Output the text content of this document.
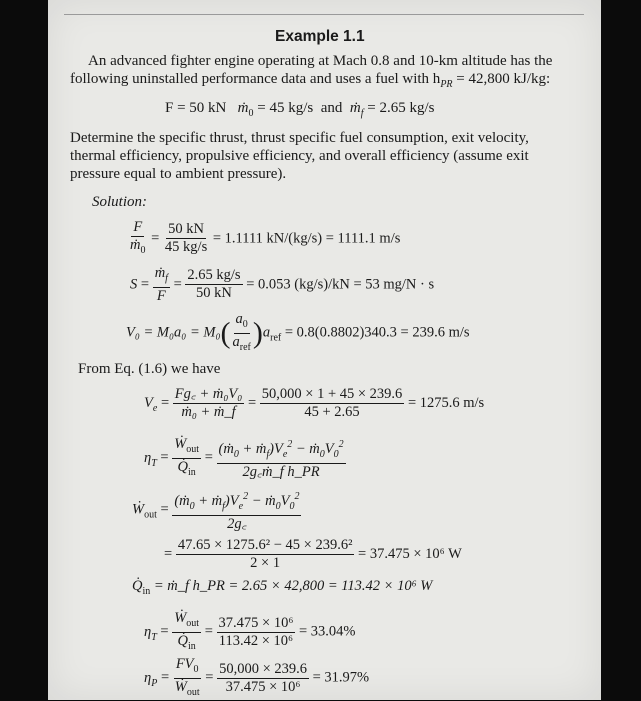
Example 1.1
An advanced fighter engine operating at Mach 0.8 and 10-km altitude has the
following uninstalled performance data and uses a fuel with $h_{PR} = 42,800$ kJ/kg:
F = 50 kN ṁ$_0$ = 45 kg/s and ṁ$_f$ = 2.65 kg/s
Determine the specific thrust, thrust specific fuel consumption, exit velocity,
thermal efficiency, propulsive efficiency, and overall efficiency (assume exit
pressure equal to ambient pressure).
Solution:
$\frac{F}{ṁ_0} = \frac{50 kN}{45 kg/s} = 1.1111$ kN/(kg/s) = 1111.1 m/s
$S = \frac{ṁ_f}{F} = \frac{2.65 kg/s}{50 kN} = 0.053$ (kg/s)/kN = 53 mg/N · s
$V_0 = M_0a_0 = M_0( \frac{a_0}{a_{ref}} )a_{ref} = 0.8(0.8802)340.3 = 239.6$ m/s
From Eq. (1.6) we have
$V_e = \frac{\text{Fg꜀ + ṁ₀V₀}}{\text{ṁ₀ + ṁ\_f}} = \frac{50,000 \times 1 + 45 \times 239.6}{45 + 2.65} = 1275.6$ m/s
$\eta_T = \frac{Ẇ_{out}}{Q̇_{in}} = \frac{(ṁ_0 + ṁ_f)V_e^2 - ṁ_0V_0^2}{\text{2g꜀ṁ\_f h\_PR}}$
Ẇ$_{out}$ = $\frac{(ṁ_0 + ṁ_f)V_e^2 - ṁ_0V_0^2}{2g꜀}$
= $\frac{\text{47.65 × 1275.6² − 45 × 239.6²}}{2 \times 1} = 37.475 \times 10^6$ W
$Q̇_{in}$ = ṁ_f h_PR = 2.65 × 42,800 = 113.42 × 10⁶ W
$\eta_T = \frac{Ẇ_{out}}{Q̇_{in}} = \frac{\text{37.475 × 10⁶}}{\text{113.42 × 10⁶}} = 33.04\%$
$\eta_P = \frac{FV_0}{Ẇ_{out}} = \frac{50,000 \times 239.6}{\text{37.475 × 10⁶}} = 31.97\%$
